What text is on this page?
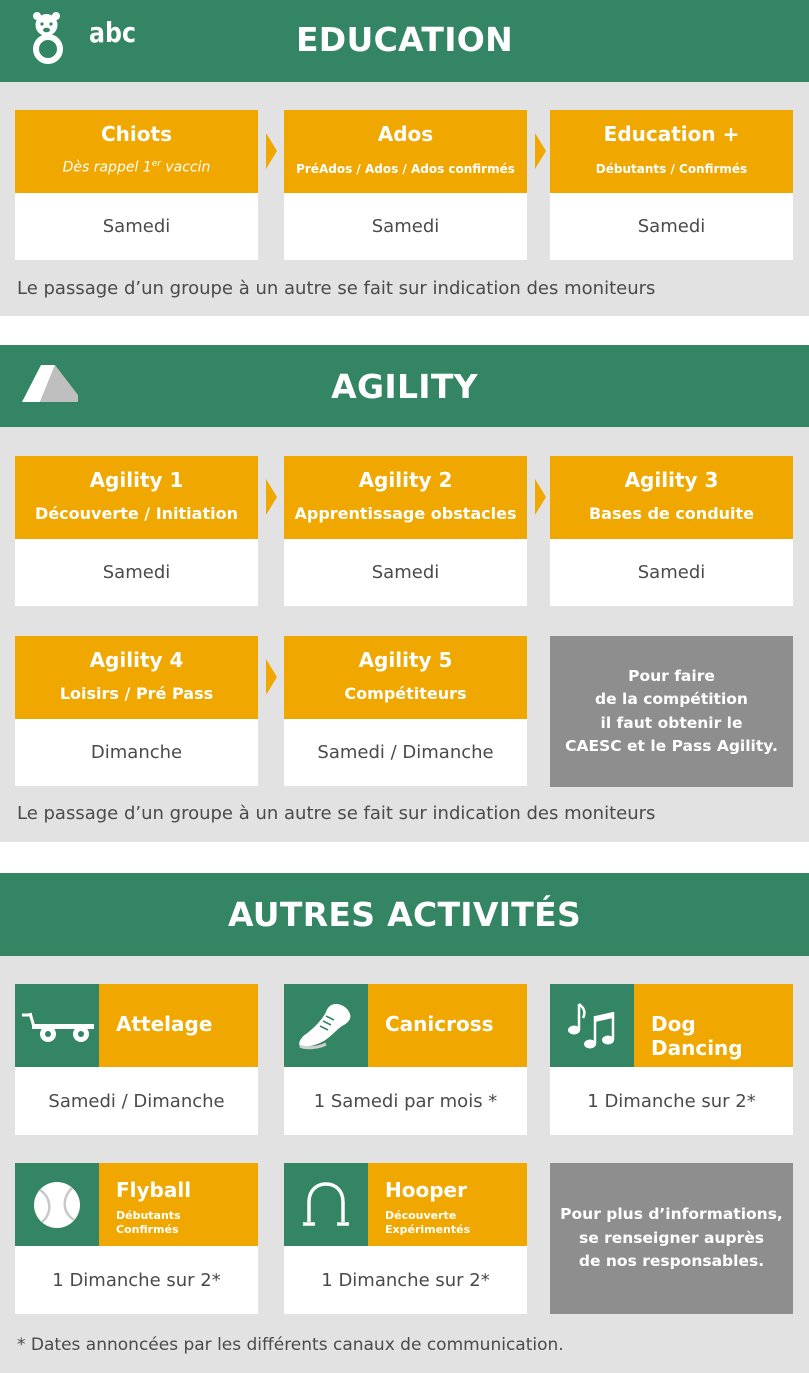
abc	EDUCATION
Chiots
Dès rappel 1er vaccin
Samedi
Ados
PréAdos / Ados / Ados confirmés
Samedi
Education +
Débutants / Confirmés
Samedi
Le passage d’un groupe à un autre se fait sur indication des moniteurs
AGILITY
Agility 1
Découverte / Initiation
Samedi
Agility 2
Apprentissage obstacles
Samedi
Agility 3
Bases de conduite
Samedi
Agility 4
Loisirs / Pré Pass
Dimanche
Agility 5
Compétiteurs
Samedi / Dimanche
Pour faire
de la compétition
il faut obtenir le
CAESC et le Pass Agility.
Le passage d’un groupe à un autre se fait sur indication des moniteurs
AUTRES ACTIVITÉS
Attelage
Samedi / Dimanche
Canicross
1 Samedi par mois *
Dog Dancing
1 Dimanche sur 2*
Flyball
Débutants
Confirmés
1 Dimanche sur 2*
Hooper
Découverte
Expérimentés
1 Dimanche sur 2*
Pour plus d’informations,
se renseigner auprès
de nos responsables.
* Dates annoncées par les différents canaux de communication.
